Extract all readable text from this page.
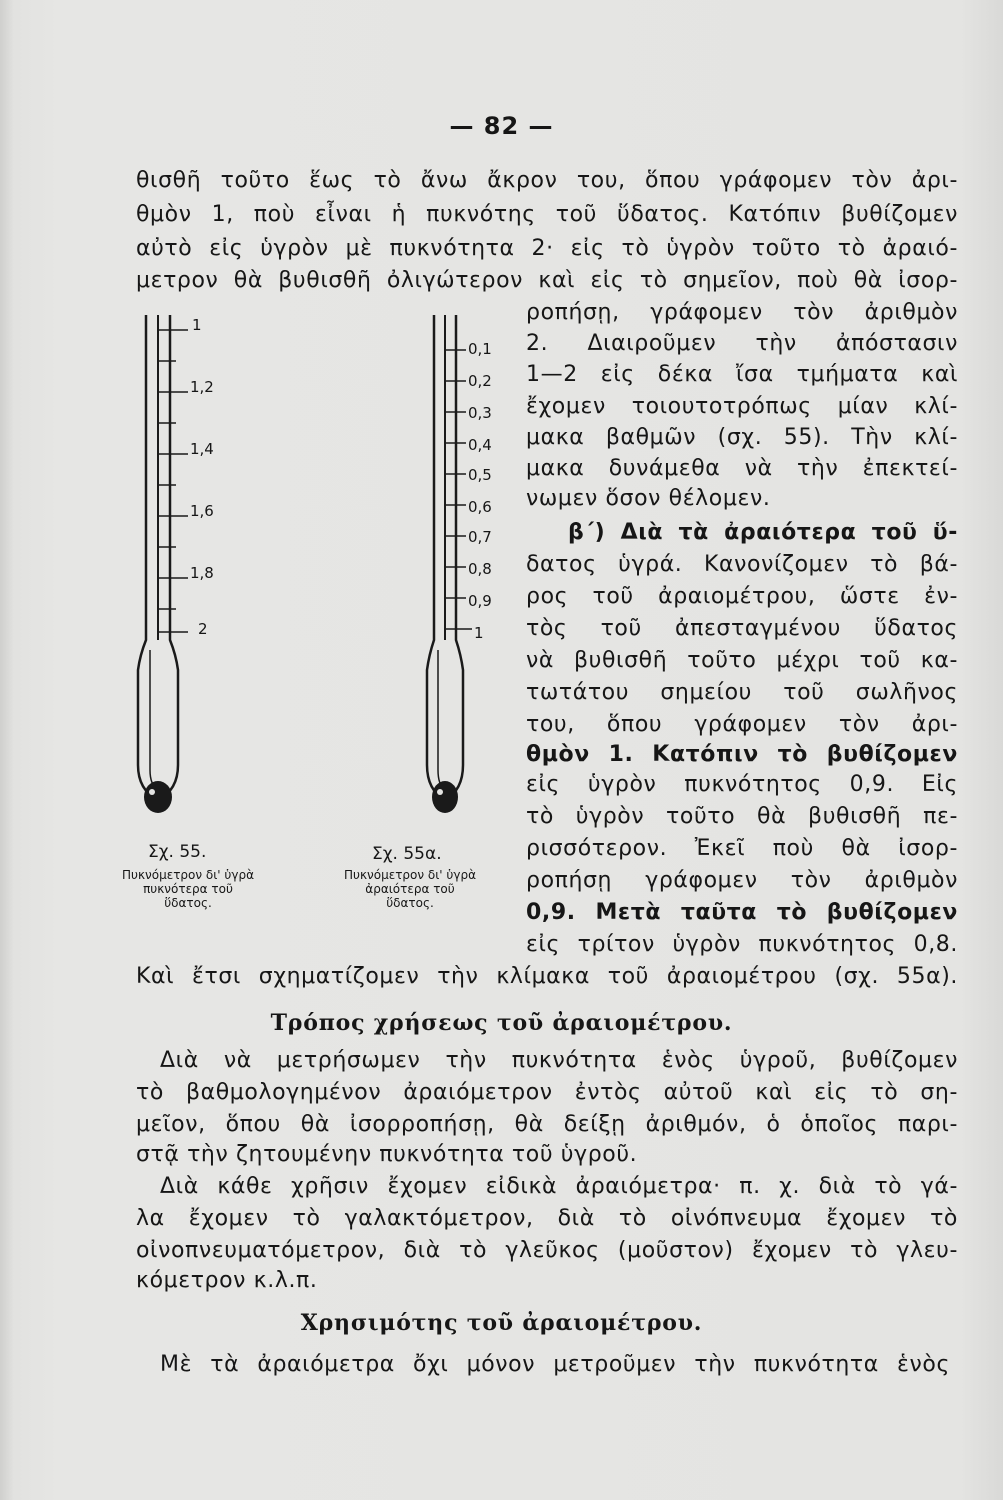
— 82 —
θισθῆ τοῦτο ἕως τὸ ἄνω ἄκρον του, ὅπου γράφομεν τὸν ἀρι-
θμὸν 1, ποὺ εἶναι ἡ πυκνότης τοῦ ὕδατος. Κατόπιν βυθίζομεν
αὐτὸ εἰς ὑγρὸν μὲ πυκνότητα 2· εἰς τὸ ὑγρὸν τοῦτο τὸ ἀραιό-
μετρον θὰ βυθισθῆ ὀλιγώτερον καὶ εἰς τὸ σημεῖον, ποὺ θὰ ἰσορ-
ροπήσῃ, γράφομεν τὸν ἀριθμὸν
2. Διαιροῦμεν τὴν ἀπόστασιν
1—2 εἰς δέκα ἴσα τμήματα καὶ
ἔχομεν τοιουτοτρόπως μίαν κλί-
μακα βαθμῶν (σχ. 55). Τὴν κλί-
μακα δυνάμεθα νὰ τὴν ἐπεκτεί-
νωμεν ὅσον θέλομεν.
β΄) Διὰ τὰ ἀραιότερα τοῦ ὕ-
δατος ὑγρά. Κανονίζομεν τὸ βά-
ρος τοῦ ἀραιομέτρου, ὥστε ἐν-
τὸς τοῦ ἀπεσταγμένου ὕδατος
νὰ βυθισθῆ τοῦτο μέχρι τοῦ κα-
τωτάτου σημείου τοῦ σωλῆνος
του, ὅπου γράφομεν τὸν ἀρι-
θμὸν 1. Κατόπιν τὸ βυθίζομεν
εἰς ὑγρὸν πυκνότητος 0,9. Εἰς
τὸ ὑγρὸν τοῦτο θὰ βυθισθῆ πε-
ρισσότερον. Ἐκεῖ ποὺ θὰ ἰσορ-
ροπήσῃ γράφομεν τὸν ἀριθμὸν
0,9. Μετὰ ταῦτα τὸ βυθίζομεν
εἰς τρίτον ὑγρὸν πυκνότητος 0,8.
Καὶ ἔτσι σχηματίζομεν τὴν κλίμακα τοῦ ἀραιομέτρου (σχ. 55α).
Τρόπος χρήσεως τοῦ ἀραιομέτρου.
Διὰ νὰ μετρήσωμεν τὴν πυκνότητα ἑνὸς ὑγροῦ, βυθίζομεν
τὸ βαθμολογημένον ἀραιόμετρον ἐντὸς αὐτοῦ καὶ εἰς τὸ ση-
μεῖον, ὅπου θὰ ἰσορροπήσῃ, θὰ δείξῃ ἀριθμόν, ὁ ὁποῖος παρι-
στᾷ τὴν ζητουμένην πυκνότητα τοῦ ὑγροῦ.
Διὰ κάθε χρῆσιν ἔχομεν εἰδικὰ ἀραιόμετρα· π. χ. διὰ τὸ γά-
λα ἔχομεν τὸ γαλακτόμετρον, διὰ τὸ οἰνόπνευμα ἔχομεν τὸ
οἰνοπνευματόμετρον, διὰ τὸ γλεῦκος (μοῦστον) ἔχομεν τὸ γλευ-
κόμετρον κ.λ.π.
Χρησιμότης τοῦ ἀραιομέτρου.
Μὲ τὰ ἀραιόμετρα ὄχι μόνον μετροῦμεν τὴν πυκνότητα ἑνὸς
1
1,2
1,4
1,6
1,8
2
Σχ. 55.
Πυκνόμετρον δι' ὑγρὰ πυκνότερα τοῦ ὕδατος.
0,1
0,2
0,3
0,4
0,5
0,6
0,7
0,8
0,9
1
Σχ. 55α.
Πυκνόμετρον δι' ὑγρὰ ἀραιότερα τοῦ ὕδατος.
